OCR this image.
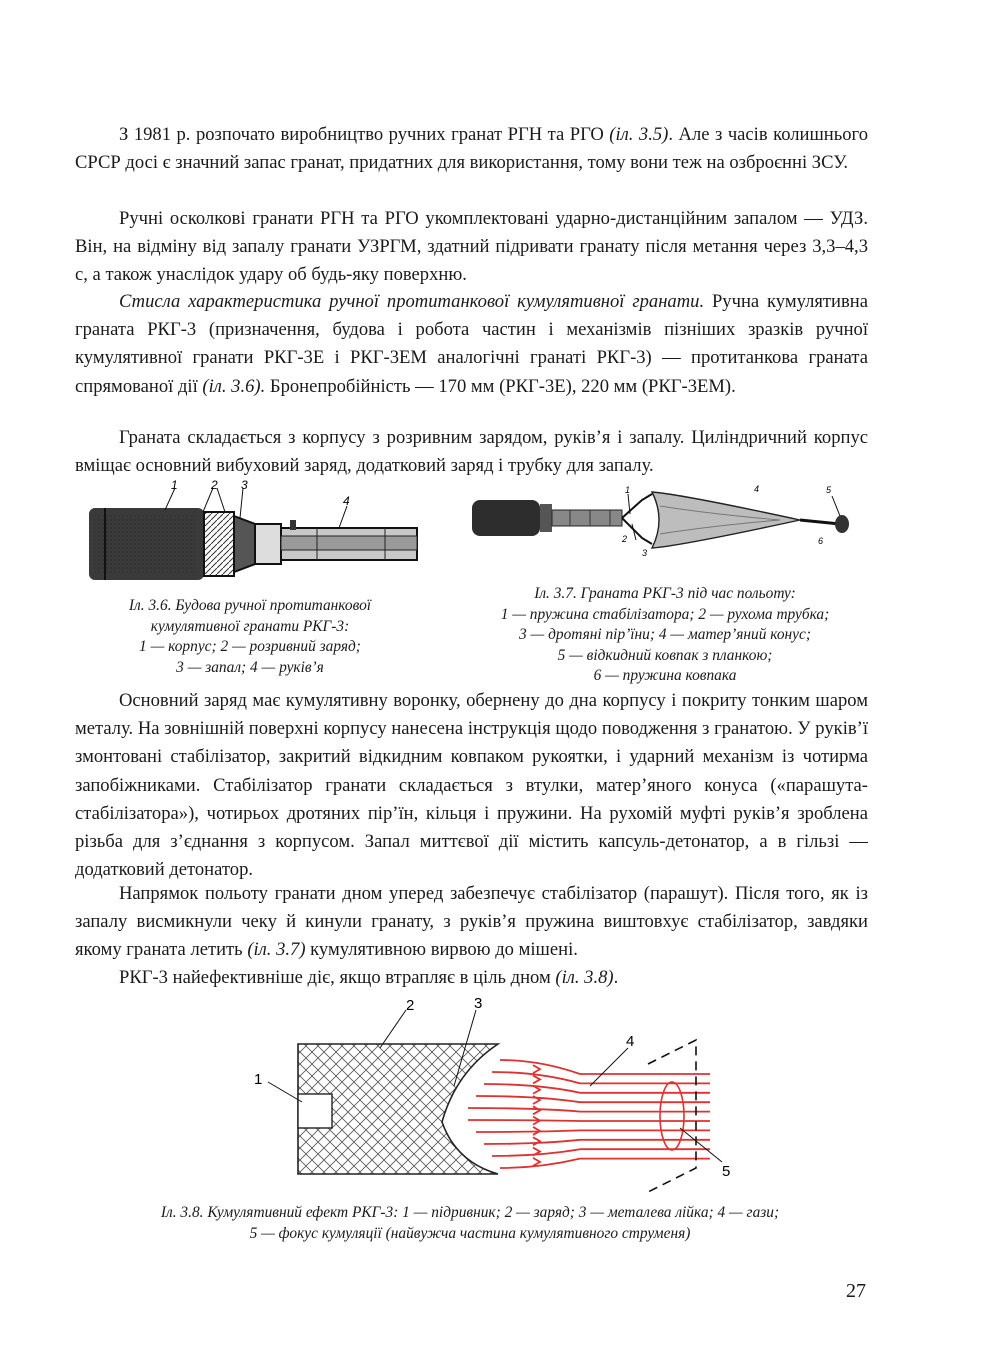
З 1981 р. розпочато виробництво ручних гранат РГН та РГО (іл. 3.5). Але з часів колишнього СРСР досі є значний запас гранат, придатних для використання, тому вони теж на озброєнні ЗСУ.

Ручні осколкові гранати РГН та РГО укомплектовані ударно-дистанційним запалом — УДЗ. Він, на відміну від запалу гранати УЗРГМ, здатний підривати гранату після метання через 3,3–4,3 с, а також унаслідок удару об будь-яку поверхню.

Стисла характеристика ручної протитанкової кумулятивної гранати. Ручна кумулятивна граната РКГ-3 (призначення, будова і робота частин і механізмів пізніших зразків ручної кумулятивної гранати РКГ-3Е і РКГ-3ЕМ аналогічні гранаті РКГ-3) — протитанкова граната спрямованої дії (іл. 3.6). Бронепробійність — 170 мм (РКГ-3Е), 220 мм (РКГ-3ЕМ).

Граната складається з корпусу з розривним зарядом, руків’я і запалу. Циліндричний корпус вміщає основний вибуховий заряд, додатковий заряд і трубку для запалу.

1	2 3
4
1
2
3
4	5
6
Іл. 3.6. Будова ручної протитанкової
кумулятивної гранати РКГ-3:
1 — корпус; 2 — розривний заряд;
3 — запал; 4 — руків’я
Іл. 3.7. Граната РКГ-3 під час польоту:
1 — пружина стабілізатора; 2 — рухома трубка;
3 — дротяні пір’їни; 4 — матер’яний конус;
5 — відкидний ковпак з планкою;
6 — пружина ковпака

Основний заряд має кумулятивну воронку, обернену до дна корпусу і покриту тонким шаром металу. На зовнішній поверхні корпусу нанесена інструкція щодо поводження з гранатою. У руків’ї змонтовані стабілізатор, закритий відкидним ковпаком рукоятки, і ударний механізм із чотирма запобіжниками. Стабілізатор гранати складається з втулки, матер’яного конуса («парашута-стабілізатора»), чотирьох дротяних пір’їн, кільця і пружини. На рухомій муфті руків’я зроблена різьба для з’єднання з корпусом. Запал миттєвої дії містить капсуль-детонатор, а в гільзі — додатковий детонатор.

Напрямок польоту гранати дном уперед забезпечує стабілізатор (парашут). Після того, як із запалу висмикнули чеку й кинули гранату, з руків’я пружина виштовхує стабілізатор, завдяки якому граната летить (іл. 3.7) кумулятивною вирвою до мішені.

РКГ-3 найефективніше діє, якщо втрапляє в ціль дном (іл. 3.8).

1
2	3
4
5
Іл. 3.8. Кумулятивний ефект РКГ-3: 1 — підривник; 2 — заряд; 3 — металева лійка; 4 — гази;
5 — фокус кумуляції (найвужча частина кумулятивного струменя)
27
